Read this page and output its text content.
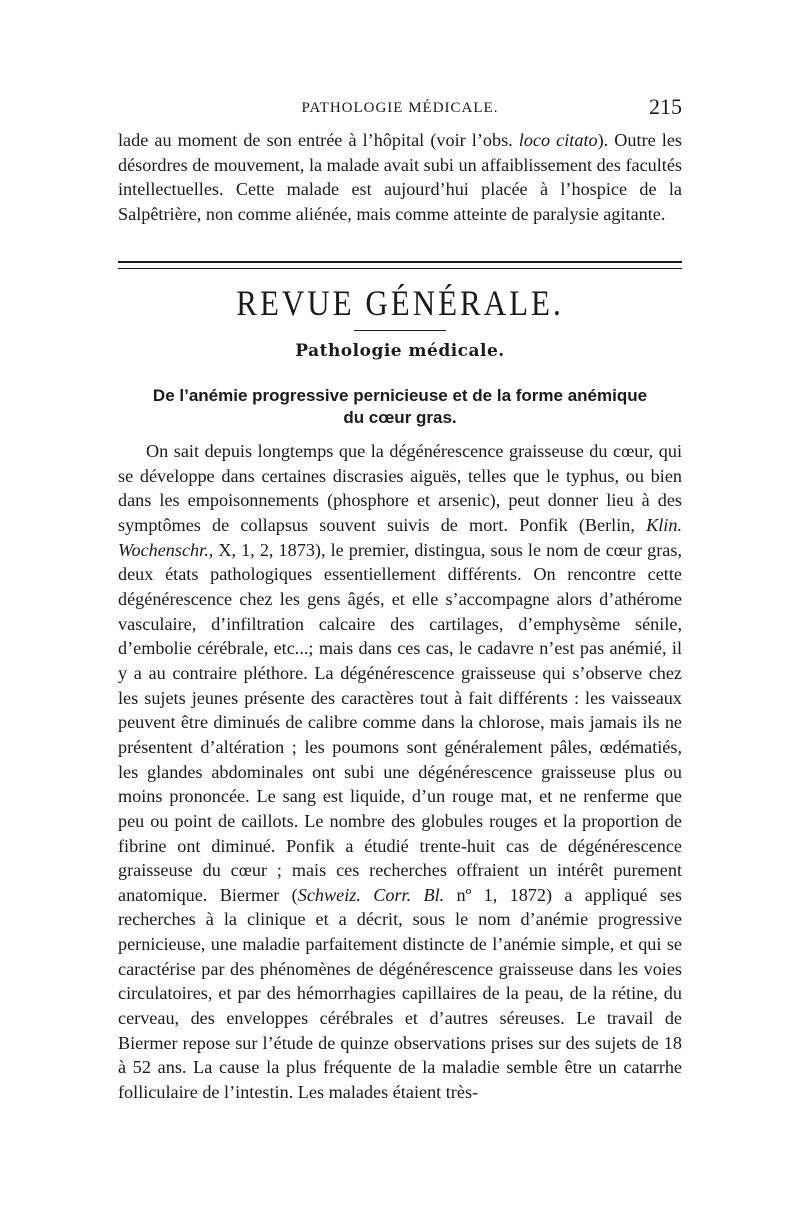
PATHOLOGIE MÉDICALE.	215

lade au moment de son entrée à l’hôpital (voir l’obs. loco citato). Outre les désordres de mouvement, la malade avait subi un affaiblissement des facultés intellectuelles. Cette malade est aujourd’hui placée à l’hospice de la Salpêtrière, non comme aliénée, mais comme atteinte de paralysie agitante.

REVUE GÉNÉRALE.
Pathologie médicale.
De l’anémie progressive pernicieuse et de la forme anémique
du cœur gras.

On sait depuis longtemps que la dégénérescence graisseuse du cœur, qui se développe dans certaines discrasies aiguës, telles que le typhus, ou bien dans les empoisonnements (phosphore et arsenic), peut donner lieu à des symptômes de collapsus souvent suivis de mort. Ponfik (Berlin, Klin. Wochenschr., X, 1, 2, 1873), le premier, distingua, sous le nom de cœur gras, deux états pathologiques essentiellement différents. On rencontre cette dégénérescence chez les gens âgés, et elle s’accompagne alors d’athérome vasculaire, d’infiltration calcaire des cartilages, d’emphysème sénile, d’embolie cérébrale, etc...; mais dans ces cas, le cadavre n’est pas anémié, il y a au contraire pléthore. La dégénérescence graisseuse qui s’observe chez les sujets jeunes présente des caractères tout à fait différents : les vaisseaux peuvent être diminués de calibre comme dans la chlorose, mais jamais ils ne présentent d’altération ; les poumons sont généralement pâles, œdématiés, les glandes abdominales ont subi une dégénérescence graisseuse plus ou moins prononcée. Le sang est liquide, d’un rouge mat, et ne renferme que peu ou point de caillots. Le nombre des globules rouges et la proportion de fibrine ont diminué. Ponfik a étudié trente-huit cas de dégénérescence graisseuse du cœur ; mais ces recherches offraient un intérêt purement anatomique. Biermer (Schweiz. Corr. Bl. nº 1, 1872) a appliqué ses recherches à la clinique et a décrit, sous le nom d’anémie progressive pernicieuse, une maladie parfaitement distincte de l’anémie simple, et qui se caractérise par des phénomènes de dégénérescence graisseuse dans les voies circulatoires, et par des hémorrhagies capillaires de la peau, de la rétine, du cerveau, des enveloppes cérébrales et d’autres séreuses. Le travail de Biermer repose sur l’étude de quinze observations prises sur des sujets de 18 à 52 ans. La cause la plus fréquente de la maladie semble être un catarrhe folliculaire de l’intestin. Les malades étaient très-
